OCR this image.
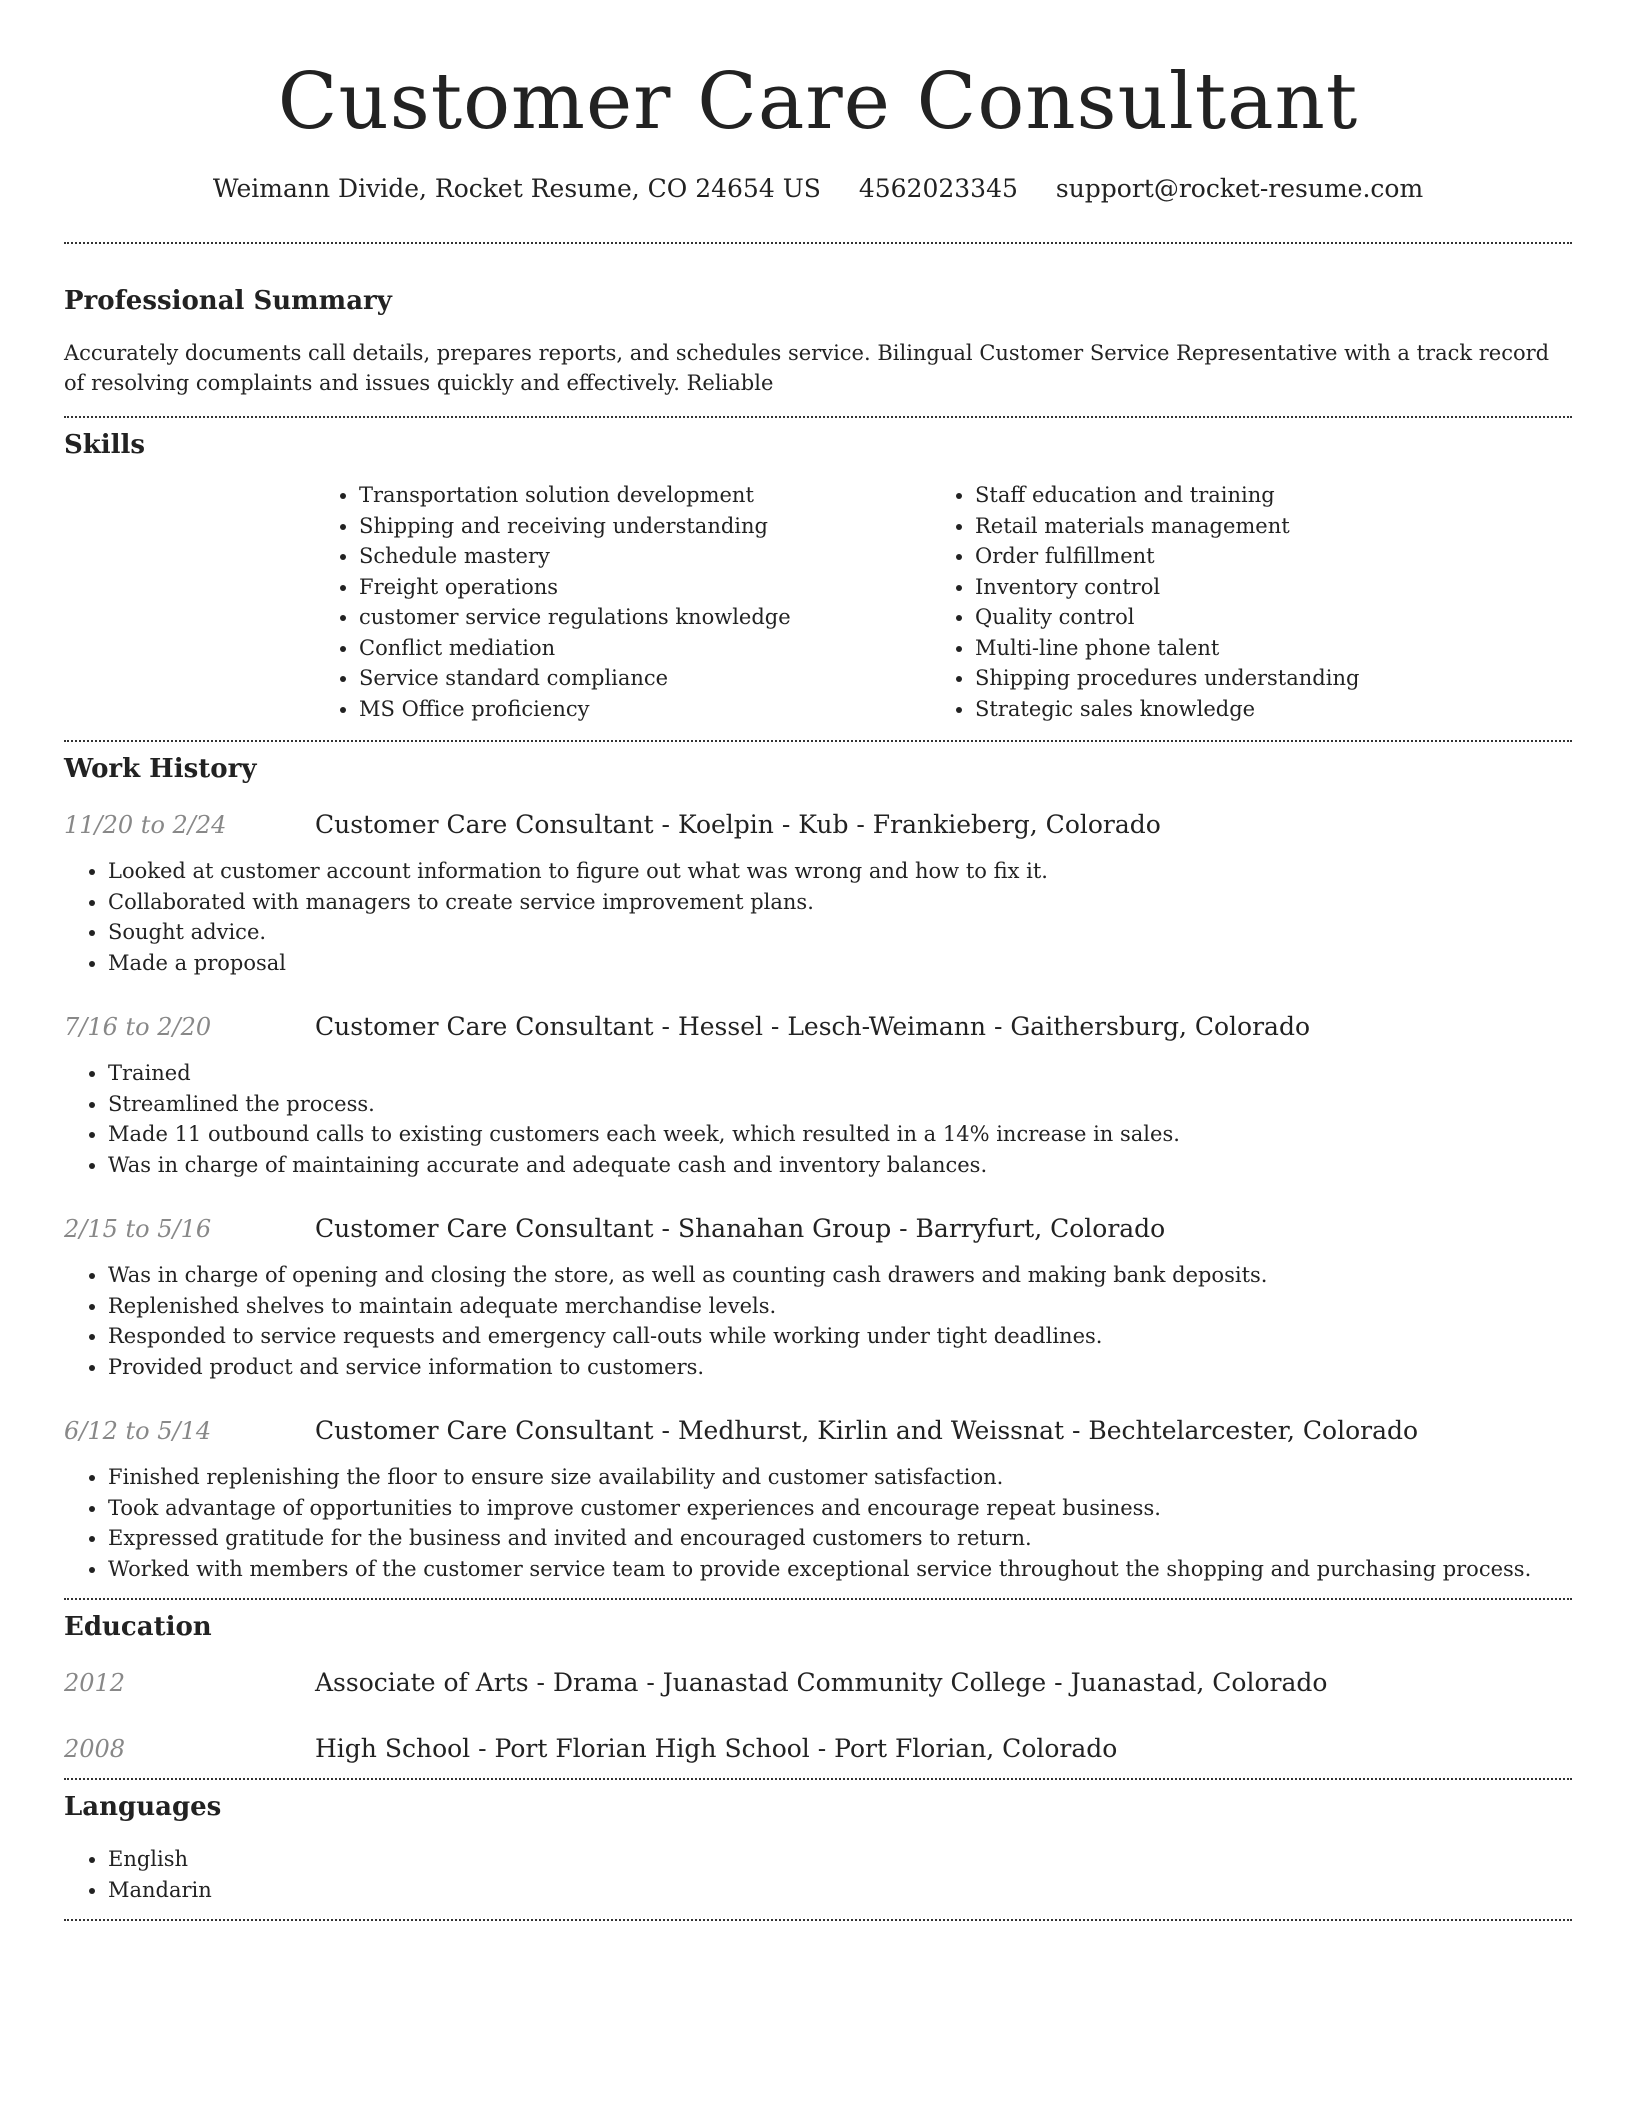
Customer Care Consultant
Weimann Divide, Rocket Resume, CO 24654 US 4562023345 support@rocket-resume.com
Professional Summary

Accurately documents call details, prepares reports, and schedules service. Bilingual Customer Service Representative with a track record of resolving complaints and issues quickly and effectively. Reliable

Skills
• Transportation solution development
• Shipping and receiving understanding
• Schedule mastery
• Freight operations
• customer service regulations knowledge
• Conflict mediation
• Service standard compliance
• MS Office proficiency
• Staff education and training
• Retail materials management
• Order fulfillment
• Inventory control
• Quality control
• Multi-line phone talent
• Shipping procedures understanding
• Strategic sales knowledge
Work History
11/20 to 2/24	Customer Care Consultant - Koelpin - Kub - Frankieberg, Colorado
• Looked at customer account information to figure out what was wrong and how to fix it.
• Collaborated with managers to create service improvement plans.
• Sought advice.
• Made a proposal
7/16 to 2/20	Customer Care Consultant - Hessel - Lesch-Weimann - Gaithersburg, Colorado
• Trained
• Streamlined the process.
• Made 11 outbound calls to existing customers each week, which resulted in a 14% increase in sales.
• Was in charge of maintaining accurate and adequate cash and inventory balances.
2/15 to 5/16	Customer Care Consultant - Shanahan Group - Barryfurt, Colorado
• Was in charge of opening and closing the store, as well as counting cash drawers and making bank deposits.
• Replenished shelves to maintain adequate merchandise levels.
• Responded to service requests and emergency call-outs while working under tight deadlines.
• Provided product and service information to customers.
6/12 to 5/14	Customer Care Consultant - Medhurst, Kirlin and Weissnat - Bechtelarcester, Colorado
• Finished replenishing the floor to ensure size availability and customer satisfaction.
• Took advantage of opportunities to improve customer experiences and encourage repeat business.
• Expressed gratitude for the business and invited and encouraged customers to return.
• Worked with members of the customer service team to provide exceptional service throughout the shopping and purchasing process.
Education
2012	Associate of Arts - Drama - Juanastad Community College - Juanastad, Colorado
2008	High School - Port Florian High School - Port Florian, Colorado
Languages
• English
• Mandarin
